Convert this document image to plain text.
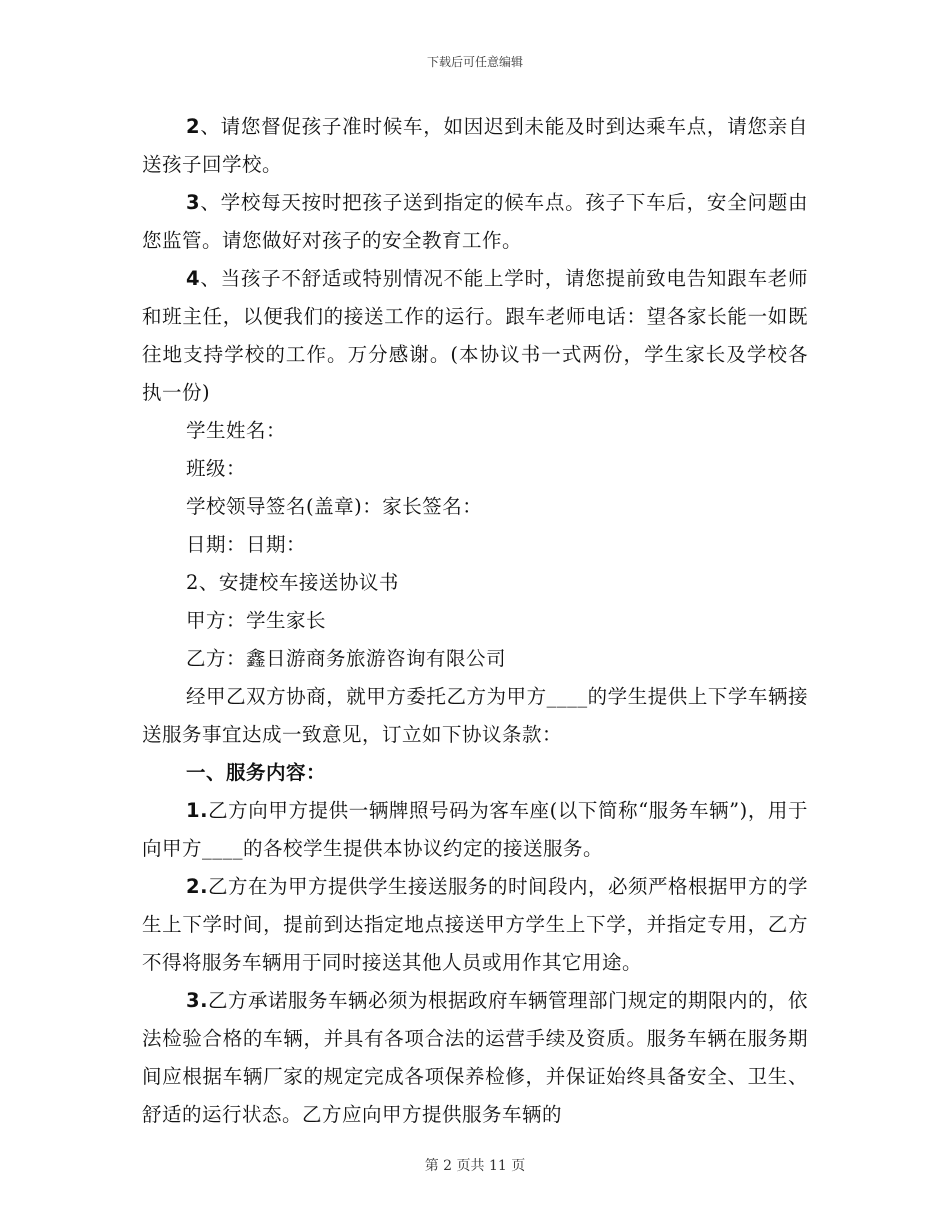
下载后可任意编辑

2、请您督促孩子准时候车，如因迟到未能及时到达乘车点，请您亲自送孩子回学校。

3、学校每天按时把孩子送到指定的候车点。孩子下车后，安全问题由您监管。请您做好对孩子的安全教育工作。

4、当孩子不舒适或特别情况不能上学时，请您提前致电告知跟车老师和班主任，以便我们的接送工作的运行。跟车老师电话：望各家长能一如既往地支持学校的工作。万分感谢。(本协议书一式两份，学生家长及学校各执一份)

学生姓名：

班级：

学校领导签名(盖章)：家长签名：

日期：日期：

2、安捷校车接送协议书

甲方：学生家长

乙方：鑫日游商务旅游咨询有限公司

经甲乙双方协商，就甲方委托乙方为甲方____的学生提供上下学车辆接送服务事宜达成一致意见，订立如下协议条款：

一、服务内容：

1.乙方向甲方提供一辆牌照号码为客车座(以下简称“服务车辆”)，用于向甲方____的各校学生提供本协议约定的接送服务。

2.乙方在为甲方提供学生接送服务的时间段内，必须严格根据甲方的学生上下学时间，提前到达指定地点接送甲方学生上下学，并指定专用，乙方不得将服务车辆用于同时接送其他人员或用作其它用途。

3.乙方承诺服务车辆必须为根据政府车辆管理部门规定的期限内的，依法检验合格的车辆，并具有各项合法的运营手续及资质。服务车辆在服务期间应根据车辆厂家的规定完成各项保养检修，并保证始终具备安全、卫生、舒适的运行状态。乙方应向甲方提供服务车辆的

第 2 页共 11 页
